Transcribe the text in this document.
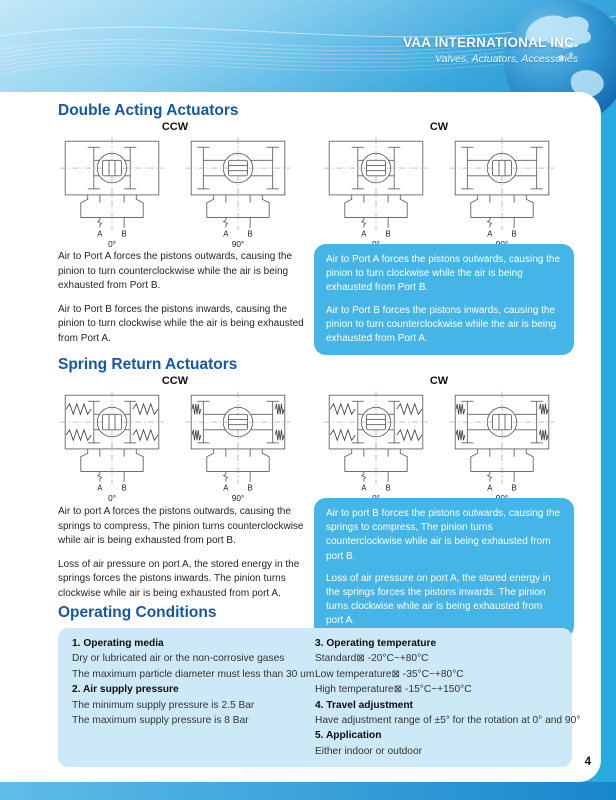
VAA INTERNATIONAL INC.
Valves, Actuators, Accessories
Double Acting Actuators
CCW	CW
A B
0°
A B
90°
A B	A B

Air to Port A forces the pistons outwards, causing the pinion to turn counterclockwise while the air is being exhausted from Port B.

Air to Port B forces the pistons inwards, causing the pinion to turn clockwise while the air is being exhausted from Port A.

Air to Port A forces the pistons outwards, causing the pinion to turn clockwise while the air is being exhausted from Port B.

Air to Port B forces the pistons inwards, causing the pinion to turn counterclockwise while the air is being exhausted from Port A.

Spring Return Actuators
CCW	CW
A B
0°
A B
90°
A B	A B

Air to port A forces the pistons outwards, causing the springs to compress, The pinion turns counterclockwise while air is being exhausted from port B.

Loss of air pressure on port A, the stored energy in the springs forces the pistons inwards. The pinion turns clockwise while air is being exhausted from port A.

Air to port B forces the pistons outwards, causing the springs to compress, The pinion turns counterclockwise while air is being exhausted from port B.

Loss of air pressure on port A, the stored energy in the springs forces the pistons inwards. The pinion turns clockwise while air is being exhausted from port A.

Operating Conditions
1. Operating media
Dry or lubricated air or the non-corrosive gases
The maximum particle diameter must less than 30 um
2. Air supply pressure
The minimum supply pressure is 2.5 Bar
The maximum supply pressure is 8 Bar
3. Operating temperature
Standard⊠ -20°C~+80°C
Low temperature⊠ -35°C~+80°C
High temperature⊠ -15°C~+150°C
4. Travel adjustment
Have adjustment range of ±5° for the rotation at 0° and 90°
5. Application
Either indoor or outdoor
4
